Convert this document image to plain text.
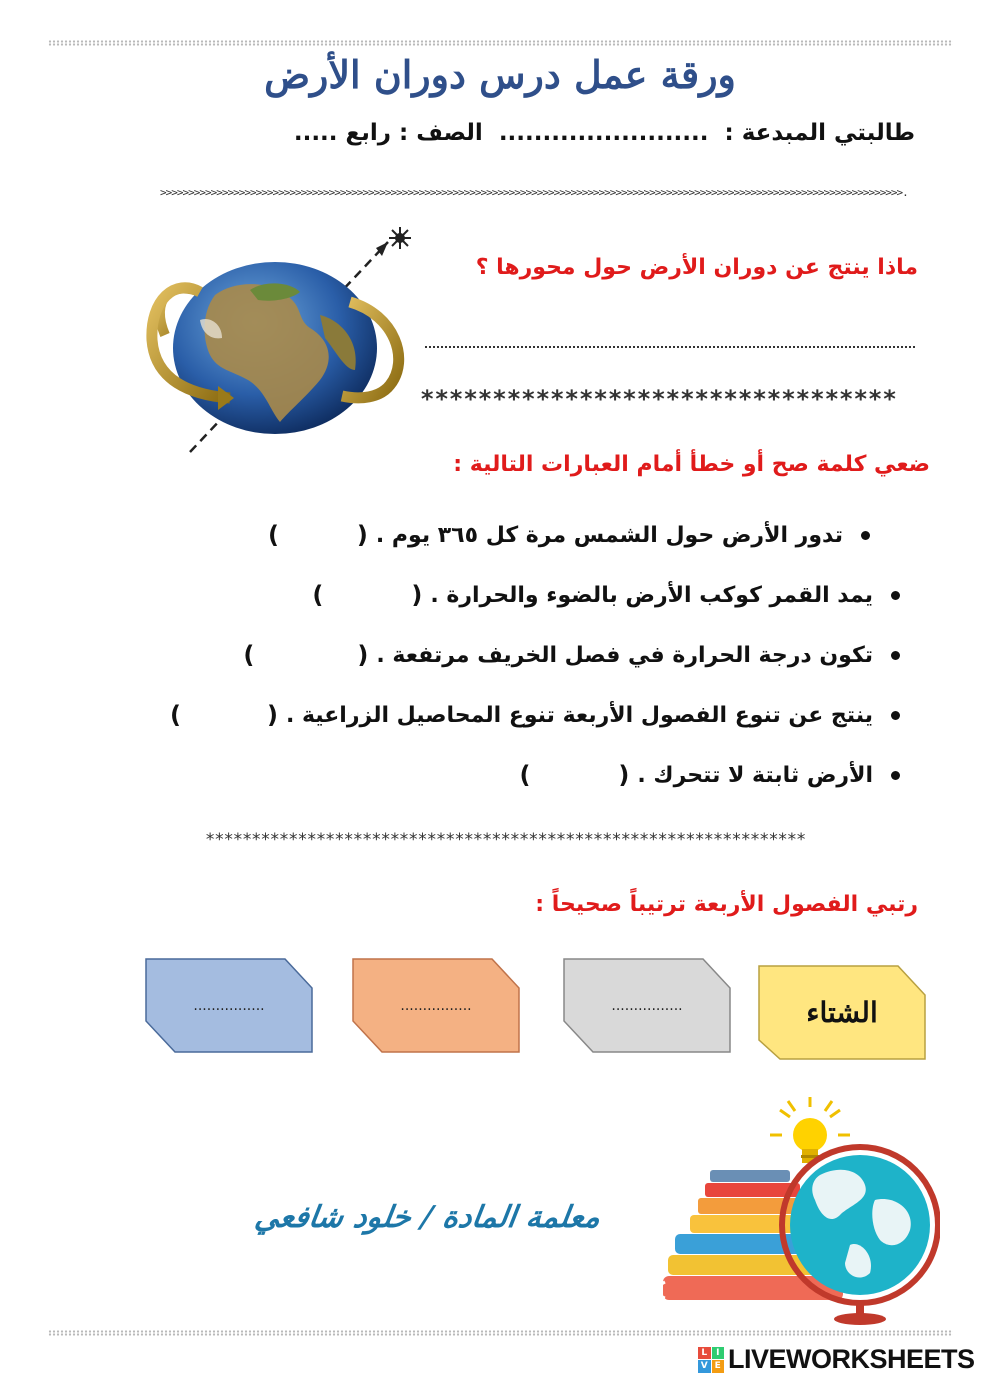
ورقة عمل درس دوران الأرض
طالبتي المبدعة : ........................ الصف : رابع .....
>>>>>>>>>>>>>>>>>>>>>>>>>>>>>>>>>>>>>>>>>>>>>>>>>>>>>>>>>>>>>>>>>>>>>>>>>>>>>>>>>>>>>>>>>>>>>>>>>>>>>>>>>>>>>>>>>>>>>>>>>>>>>>>>>>>>.
ماذا ينتج عن دوران الأرض حول محورها ؟
*********************************
ضعي كلمة صح أو خطأ أمام العبارات التالية :
تدور الأرض حول الشمس مرة كل ٣٦٥ يوم .
(
)
يمد القمر كوكب الأرض بالضوء والحرارة .
(
)
تكون درجة الحرارة في فصل الخريف مرتفعة .
(
)
ينتج عن تنوع الفصول الأربعة تنوع المحاصيل الزراعية .
(
)
الأرض ثابتة لا تتحرك .
(
)
*****************************************************************
رتبي الفصول الأربعة ترتيباً صحيحاً :
الشتاء
................
................
................
معلمة المادة / خلود شافعي
L I
V E LIVEWORKSHEETS
